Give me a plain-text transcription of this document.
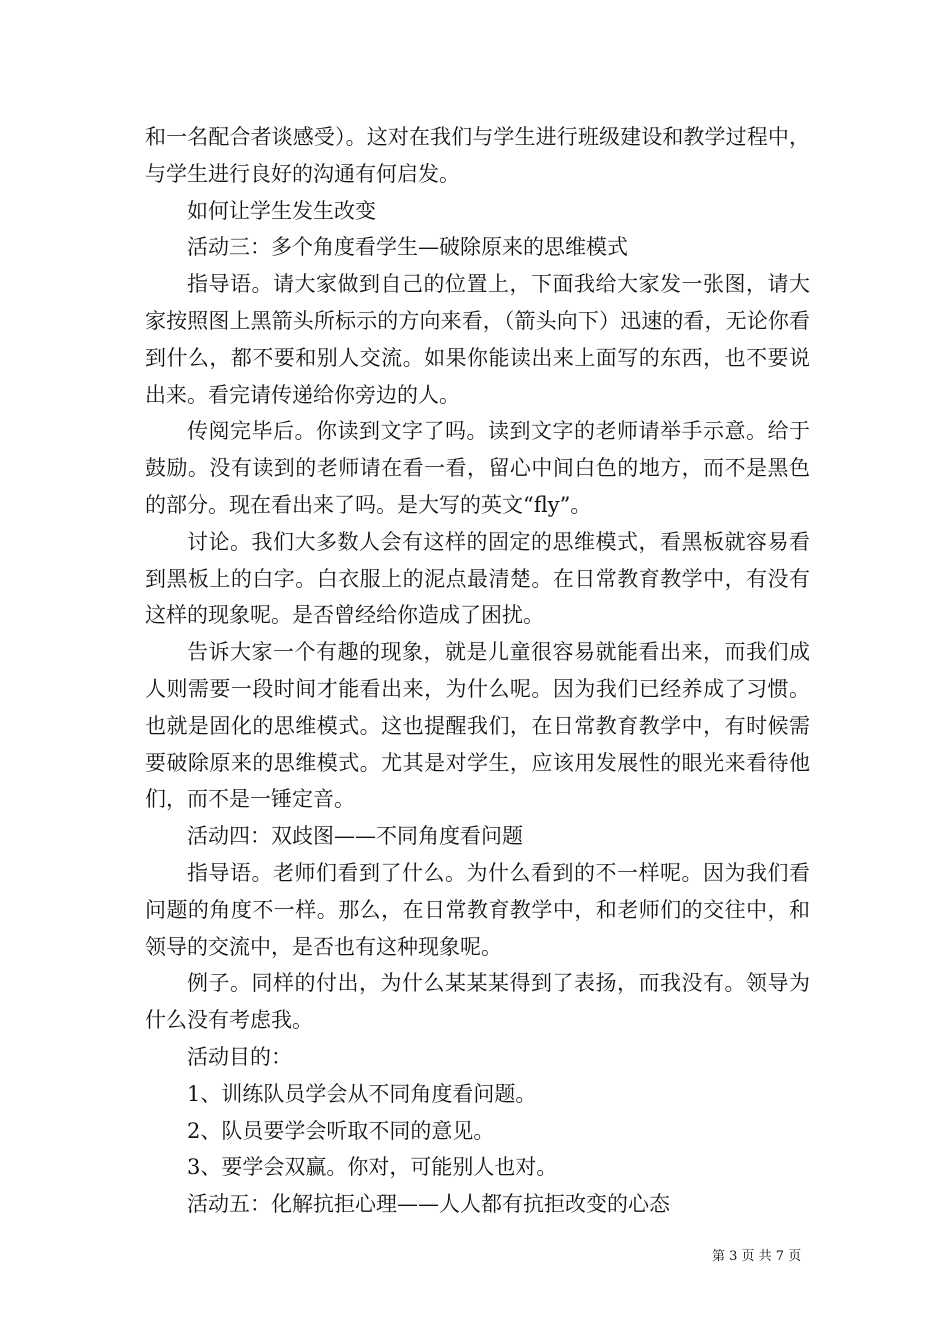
和一名配合者谈感受）。这对在我们与学生进行班级建设和教学过程中，与学生进行良好的沟通有何启发。

如何让学生发生改变

活动三：多个角度看学生—破除原来的思维模式

指导语。请大家做到自己的位置上，下面我给大家发一张图，请大家按照图上黑箭头所标示的方向来看，（箭头向下）迅速的看，无论你看到什么，都不要和别人交流。如果你能读出来上面写的东西，也不要说出来。看完请传递给你旁边的人。

传阅完毕后。你读到文字了吗。读到文字的老师请举手示意。给于鼓励。没有读到的老师请在看一看，留心中间白色的地方，而不是黑色的部分。现在看出来了吗。是大写的英文“fly”。

讨论。我们大多数人会有这样的固定的思维模式，看黑板就容易看到黑板上的白字。白衣服上的泥点最清楚。在日常教育教学中，有没有这样的现象呢。是否曾经给你造成了困扰。

告诉大家一个有趣的现象，就是儿童很容易就能看出来，而我们成人则需要一段时间才能看出来，为什么呢。因为我们已经养成了习惯。也就是固化的思维模式。这也提醒我们，在日常教育教学中，有时候需要破除原来的思维模式。尤其是对学生，应该用发展性的眼光来看待他们，而不是一锤定音。

活动四：双歧图——不同角度看问题

指导语。老师们看到了什么。为什么看到的不一样呢。因为我们看问题的角度不一样。那么，在日常教育教学中，和老师们的交往中，和领导的交流中，是否也有这种现象呢。

例子。同样的付出，为什么某某某得到了表扬，而我没有。领导为什么没有考虑我。

活动目的：

1、训练队员学会从不同角度看问题。

2、队员要学会听取不同的意见。

3、要学会双赢。你对，可能别人也对。

活动五：化解抗拒心理——人人都有抗拒改变的心态

第 3 页 共 7 页
